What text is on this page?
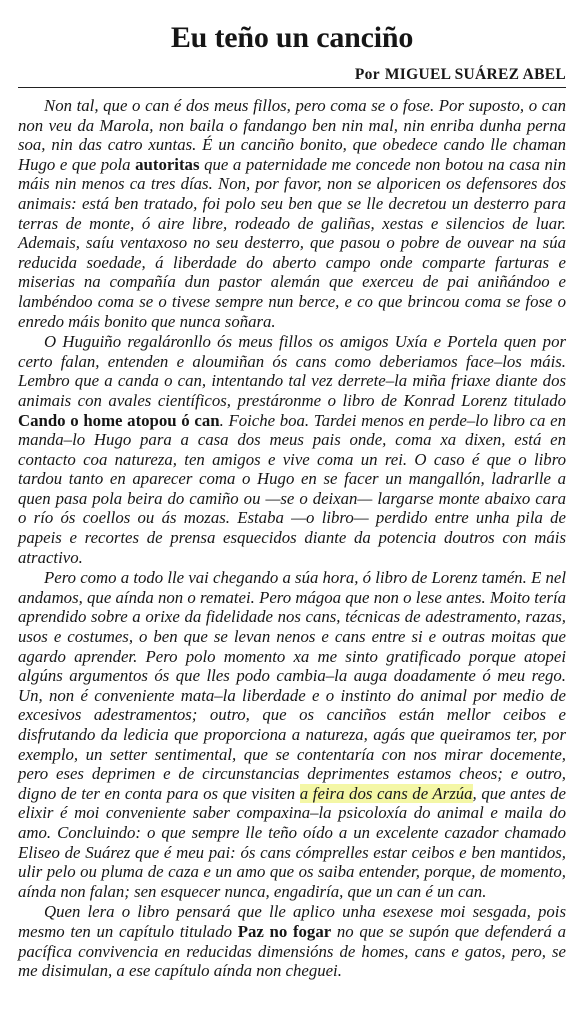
Eu teño un canciño
Por MIGUEL SUÁREZ ABEL

Non tal, que o can é dos meus fillos, pero coma se o fose. Por suposto, o can non veu da Marola, non baila o fandango ben nin mal, nin enriba dunha perna soa, nin das catro xuntas. É un canciño bonito, que obedece cando lle chaman Hugo e que pola autoritas que a paternidade me concede non botou na casa nin máis nin menos ca tres días. Non, por favor, non se alporicen os defensores dos animais: está ben tratado, foi polo seu ben que se lle decretou un desterro para terras de monte, ó aire libre, rodeado de galiñas, xestas e silencios de luar. Ademais, saíu ventaxoso no seu desterro, que pasou o pobre de ouvear na súa reducida soedade, á liberdade do aberto campo onde comparte farturas e miserias na compañía dun pastor alemán que exerceu de pai aniñándoo e lambéndoo coma se o tivese sempre nun berce, e co que brincou coma se fose o enredo máis bonito que nunca soñara.

O Huguiño regaláronllo ós meus fillos os amigos Uxía e Portela quen por certo falan, entenden e aloumiñan ós cans como deberiamos face–los máis. Lembro que a canda o can, intentando tal vez derrete–la miña friaxe diante dos animais con avales científicos, prestáronme o libro de Konrad Lorenz titulado Cando o home atopou ó can. Foiche boa. Tardei menos en perde–lo libro ca en manda–lo Hugo para a casa dos meus pais onde, coma xa dixen, está en contacto coa natureza, ten amigos e vive coma un rei. O caso é que o libro tardou tanto en aparecer coma o Hugo en se facer un mangallón, ladrarlle a quen pasa pola beira do camiño ou —se o deixan— largarse monte abaixo cara o río ós coellos ou ás mozas. Estaba —o libro— perdido entre unha pila de papeis e recortes de prensa esquecidos diante da potencia doutros con máis atractivo.

Pero como a todo lle vai chegando a súa hora, ó libro de Lorenz tamén. E nel andamos, que aínda non o rematei. Pero mágoa que non o lese antes. Moito tería aprendido sobre a orixe da fidelidade nos cans, técnicas de adestramento, razas, usos e costumes, o ben que se levan nenos e cans entre si e outras moitas que agardo aprender. Pero polo momento xa me sinto gratificado porque atopei algúns argumentos ós que lles podo cambia–la auga doadamente ó meu rego. Un, non é conveniente mata–la liberdade e o instinto do animal por medio de excesivos adestramentos; outro, que os canciños están mellor ceibos e disfrutando da ledicia que proporciona a natureza, agás que queiramos ter, por exemplo, un setter sentimental, que se contentaría con nos mirar docemente, pero eses deprimen e de circunstancias deprimentes estamos cheos; e outro, digno de ter en conta para os que visiten a feira dos cans de Arzúa, que antes de elixir é moi conveniente saber compaxina–la psicoloxía do animal e maila do amo. Concluindo: o que sempre lle teño oído a un excelente cazador chamado Eliseo de Suárez que é meu pai: ós cans cómprelles estar ceibos e ben mantidos, ulir pelo ou pluma de caza e un amo que os saiba entender, porque, de momento, aínda non falan; sen esquecer nunca, engadiría, que un can é un can.

Quen lera o libro pensará que lle aplico unha esexese moi sesgada, pois mesmo ten un capítulo titulado Paz no fogar no que se supón que defenderá a pacífica convivencia en reducidas dimensións de homes, cans e gatos, pero, se me disimulan, a ese capítulo aínda non cheguei.
